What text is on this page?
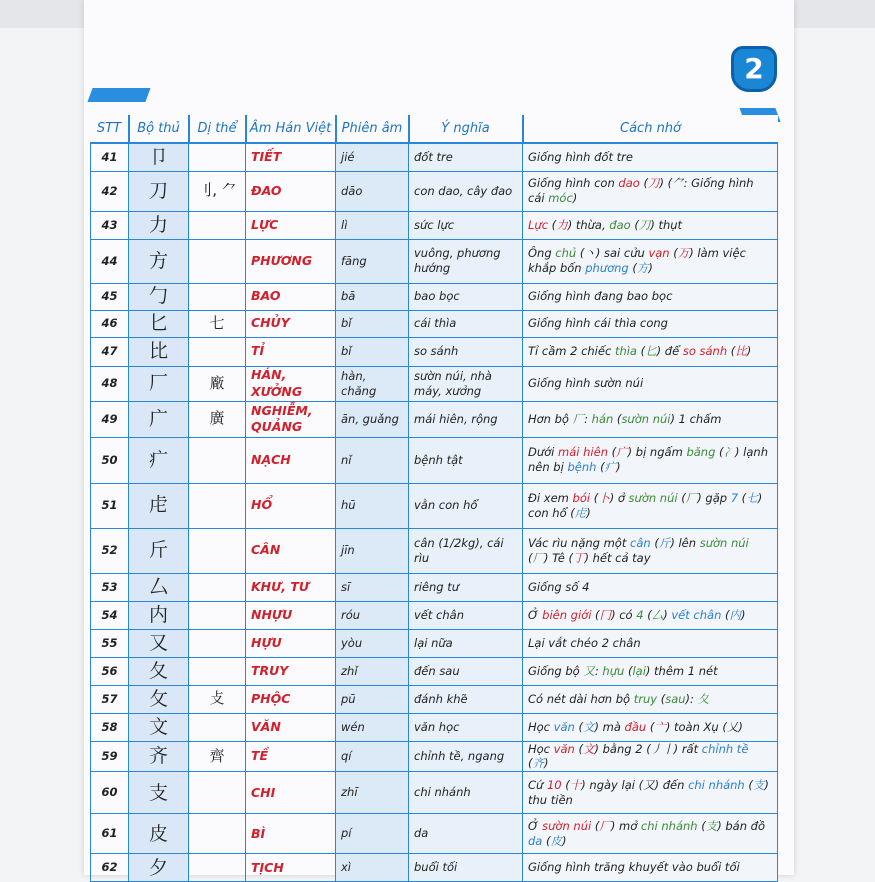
2
STT	Bộ thủ	Dị thể	Âm Hán Việt	Phiên âm	Ý nghĩa	Cách nhớ
41	卩		TIẾT	jié	đốt tre	Giống hình đốt tre
42	刀	刂, ⺈	ĐAO	dāo	con dao, cây đao	Giống hình con dao (刀) (⺈: Giống hình cái móc)
43	力		LỰC	lì	sức lực	Lực (力) thừa, đao (刀) thụt
44	方		PHƯƠNG	fāng	vuông, phương hướng	Ông chủ (丶) sai cửu vạn (万) làm việc khắp bốn phương (方)
45	勹		BAO	bā	bao bọc	Giống hình đang bao bọc
46	匕	七	CHỦY	bǐ	cái thìa	Giống hình cái thìa cong
47	比		TỈ	bǐ	so sánh	Tỉ cầm 2 chiếc thìa (匕) để so sánh (比)
48	厂	廠	HÁN, XƯỞNG	hàn, chăng	sườn núi, nhà máy, xưởng	Giống hình sườn núi
49	广	廣	NGHIỄM, QUẢNG	ān, guǎng	mái hiên, rộng	Hơn bộ 厂: hán (sườn núi) 1 chấm
50	疒		NẠCH	nǐ	bệnh tật	Dưới mái hiên (广) bị ngấm băng (冫) lạnh nên bị bệnh (疒)
51	虍		HỔ	hū	vằn con hổ	Đi xem bói (卜) ở sườn núi (厂) gặp 7 (七) con hổ (虍)
52	斤		CÂN	jīn	cân (1/2kg), cái rìu	Vác rìu nặng một cân (斤) lên sườn núi (厂) Tê (丁) hết cả tay
53	厶		KHƯ, TƯ	sī	riêng tư	Giống số 4
54	内		NHỰU	róu	vết chân	Ở biên giới (冂) có 4 (厶) vết chân (内)
55	又		HỰU	yòu	lại nữa	Lại vắt chéo 2 chân
56	夂		TRUY	zhǐ	đến sau	Giống bộ 又: hựu (lại) thêm 1 nét
57	攵	攴	PHỘC	pū	đánh khẽ	Có nét dài hơn bộ truy (sau): 夂
58	文		VĂN	wén	văn học	Học văn (文) mà đầu (亠) toàn Xụ (乂)
59	齐	齊	TỀ	qí	chỉnh tề, ngang	Học văn (文) bằng 2 (丿丨) rất chỉnh tề (齐)
60	支		CHI	zhī	chi nhánh	Cứ 10 (十) ngày lại (又) đến chi nhánh (支) thu tiền
61	皮		BÌ	pí	da	Ở sườn núi (厂) mở chi nhánh (支) bán đồ da (皮)
62	夕		TỊCH	xì	buổi tối	Giống hình trăng khuyết vào buổi tối
